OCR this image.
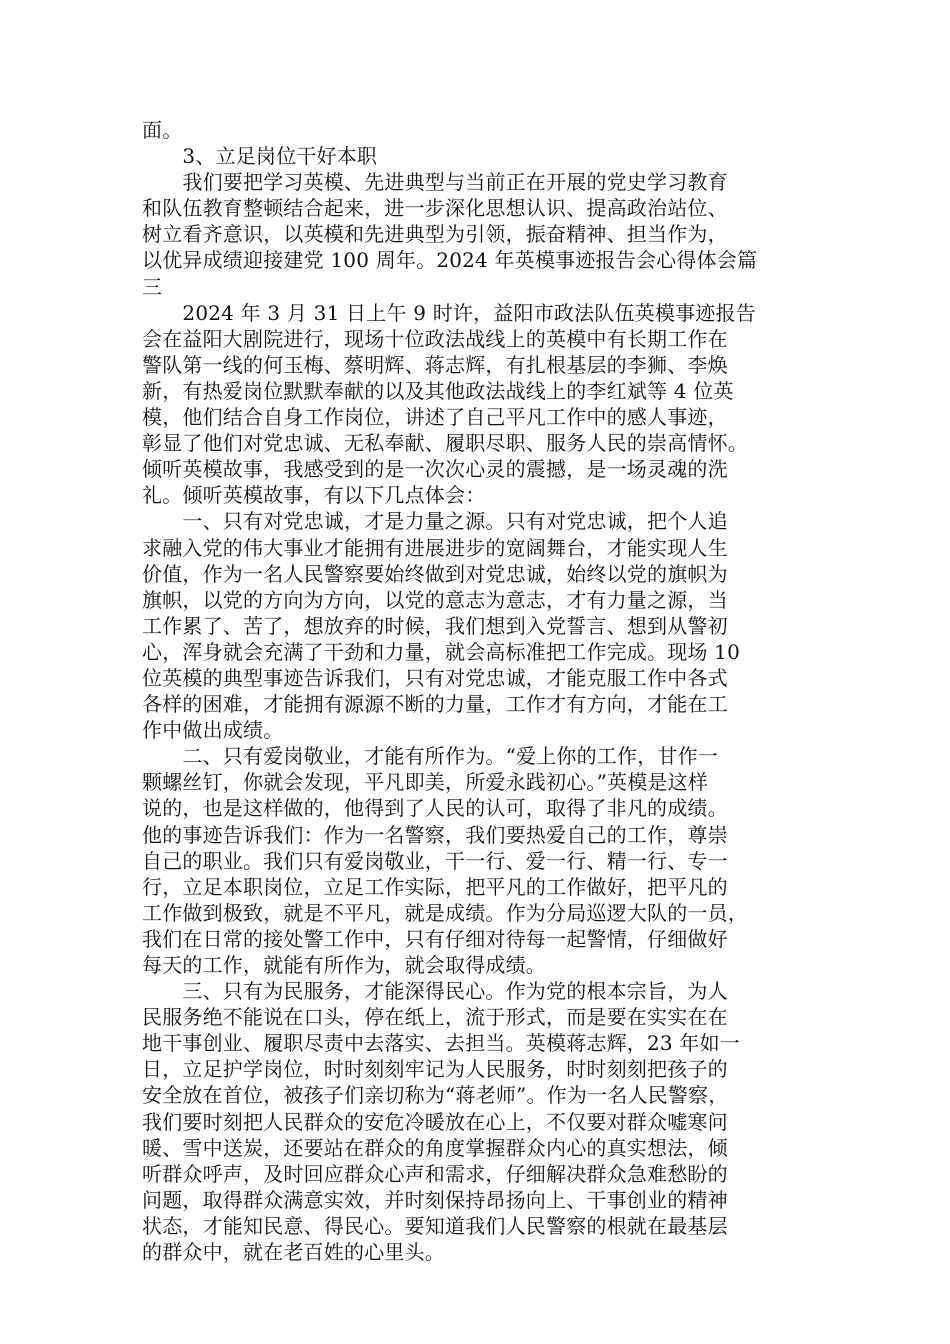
面。
　　3、立足岗位干好本职
　　我们要把学习英模、先进典型与当前正在开展的党史学习教育
和队伍教育整顿结合起来，进一步深化思想认识、提高政治站位、
树立看齐意识，以英模和先进典型为引领，振奋精神、担当作为，
以优异成绩迎接建党 100 周年。2024 年英模事迹报告会心得体会篇
三
　　2024 年 3 月 31 日上午 9 时许，益阳市政法队伍英模事迹报告
会在益阳大剧院进行，现场十位政法战线上的英模中有长期工作在
警队第一线的何玉梅、蔡明辉、蒋志辉，有扎根基层的李狮、李焕
新，有热爱岗位默默奉献的以及其他政法战线上的李红斌等 4 位英
模，他们结合自身工作岗位，讲述了自己平凡工作中的感人事迹，
彰显了他们对党忠诚、无私奉献、履职尽职、服务人民的崇高情怀。
倾听英模故事，我感受到的是一次次心灵的震撼，是一场灵魂的洗
礼。倾听英模故事，有以下几点体会：
　　一、只有对党忠诚，才是力量之源。只有对党忠诚，把个人追
求融入党的伟大事业才能拥有进展进步的宽阔舞台，才能实现人生
价值，作为一名人民警察要始终做到对党忠诚，始终以党的旗帜为
旗帜，以党的方向为方向，以党的意志为意志，才有力量之源，当
工作累了、苦了，想放弃的时候，我们想到入党誓言、想到从警初
心，浑身就会充满了干劲和力量，就会高标准把工作完成。现场 10
位英模的典型事迹告诉我们，只有对党忠诚，才能克服工作中各式
各样的困难，才能拥有源源不断的力量，工作才有方向，才能在工
作中做出成绩。
　　二、只有爱岗敬业，才能有所作为。“爱上你的工作，甘作一
颗螺丝钉，你就会发现，平凡即美，所爱永践初心。”英模是这样
说的，也是这样做的，他得到了人民的认可，取得了非凡的成绩。
他的事迹告诉我们：作为一名警察，我们要热爱自己的工作，尊崇
自己的职业。我们只有爱岗敬业，干一行、爱一行、精一行、专一
行，立足本职岗位，立足工作实际，把平凡的工作做好，把平凡的
工作做到极致，就是不平凡，就是成绩。作为分局巡逻大队的一员，
我们在日常的接处警工作中，只有仔细对待每一起警情，仔细做好
每天的工作，就能有所作为，就会取得成绩。
　　三、只有为民服务，才能深得民心。作为党的根本宗旨，为人
民服务绝不能说在口头，停在纸上，流于形式，而是要在实实在在
地干事创业、履职尽责中去落实、去担当。英模蒋志辉，23 年如一
日，立足护学岗位，时时刻刻牢记为人民服务，时时刻刻把孩子的
安全放在首位，被孩子们亲切称为“蒋老师”。作为一名人民警察，
我们要时刻把人民群众的安危冷暖放在心上，不仅要对群众嘘寒问
暖、雪中送炭，还要站在群众的角度掌握群众内心的真实想法，倾
听群众呼声，及时回应群众心声和需求，仔细解决群众急难愁盼的
问题，取得群众满意实效，并时刻保持昂扬向上、干事创业的精神
状态，才能知民意、得民心。要知道我们人民警察的根就在最基层
的群众中，就在老百姓的心里头。
